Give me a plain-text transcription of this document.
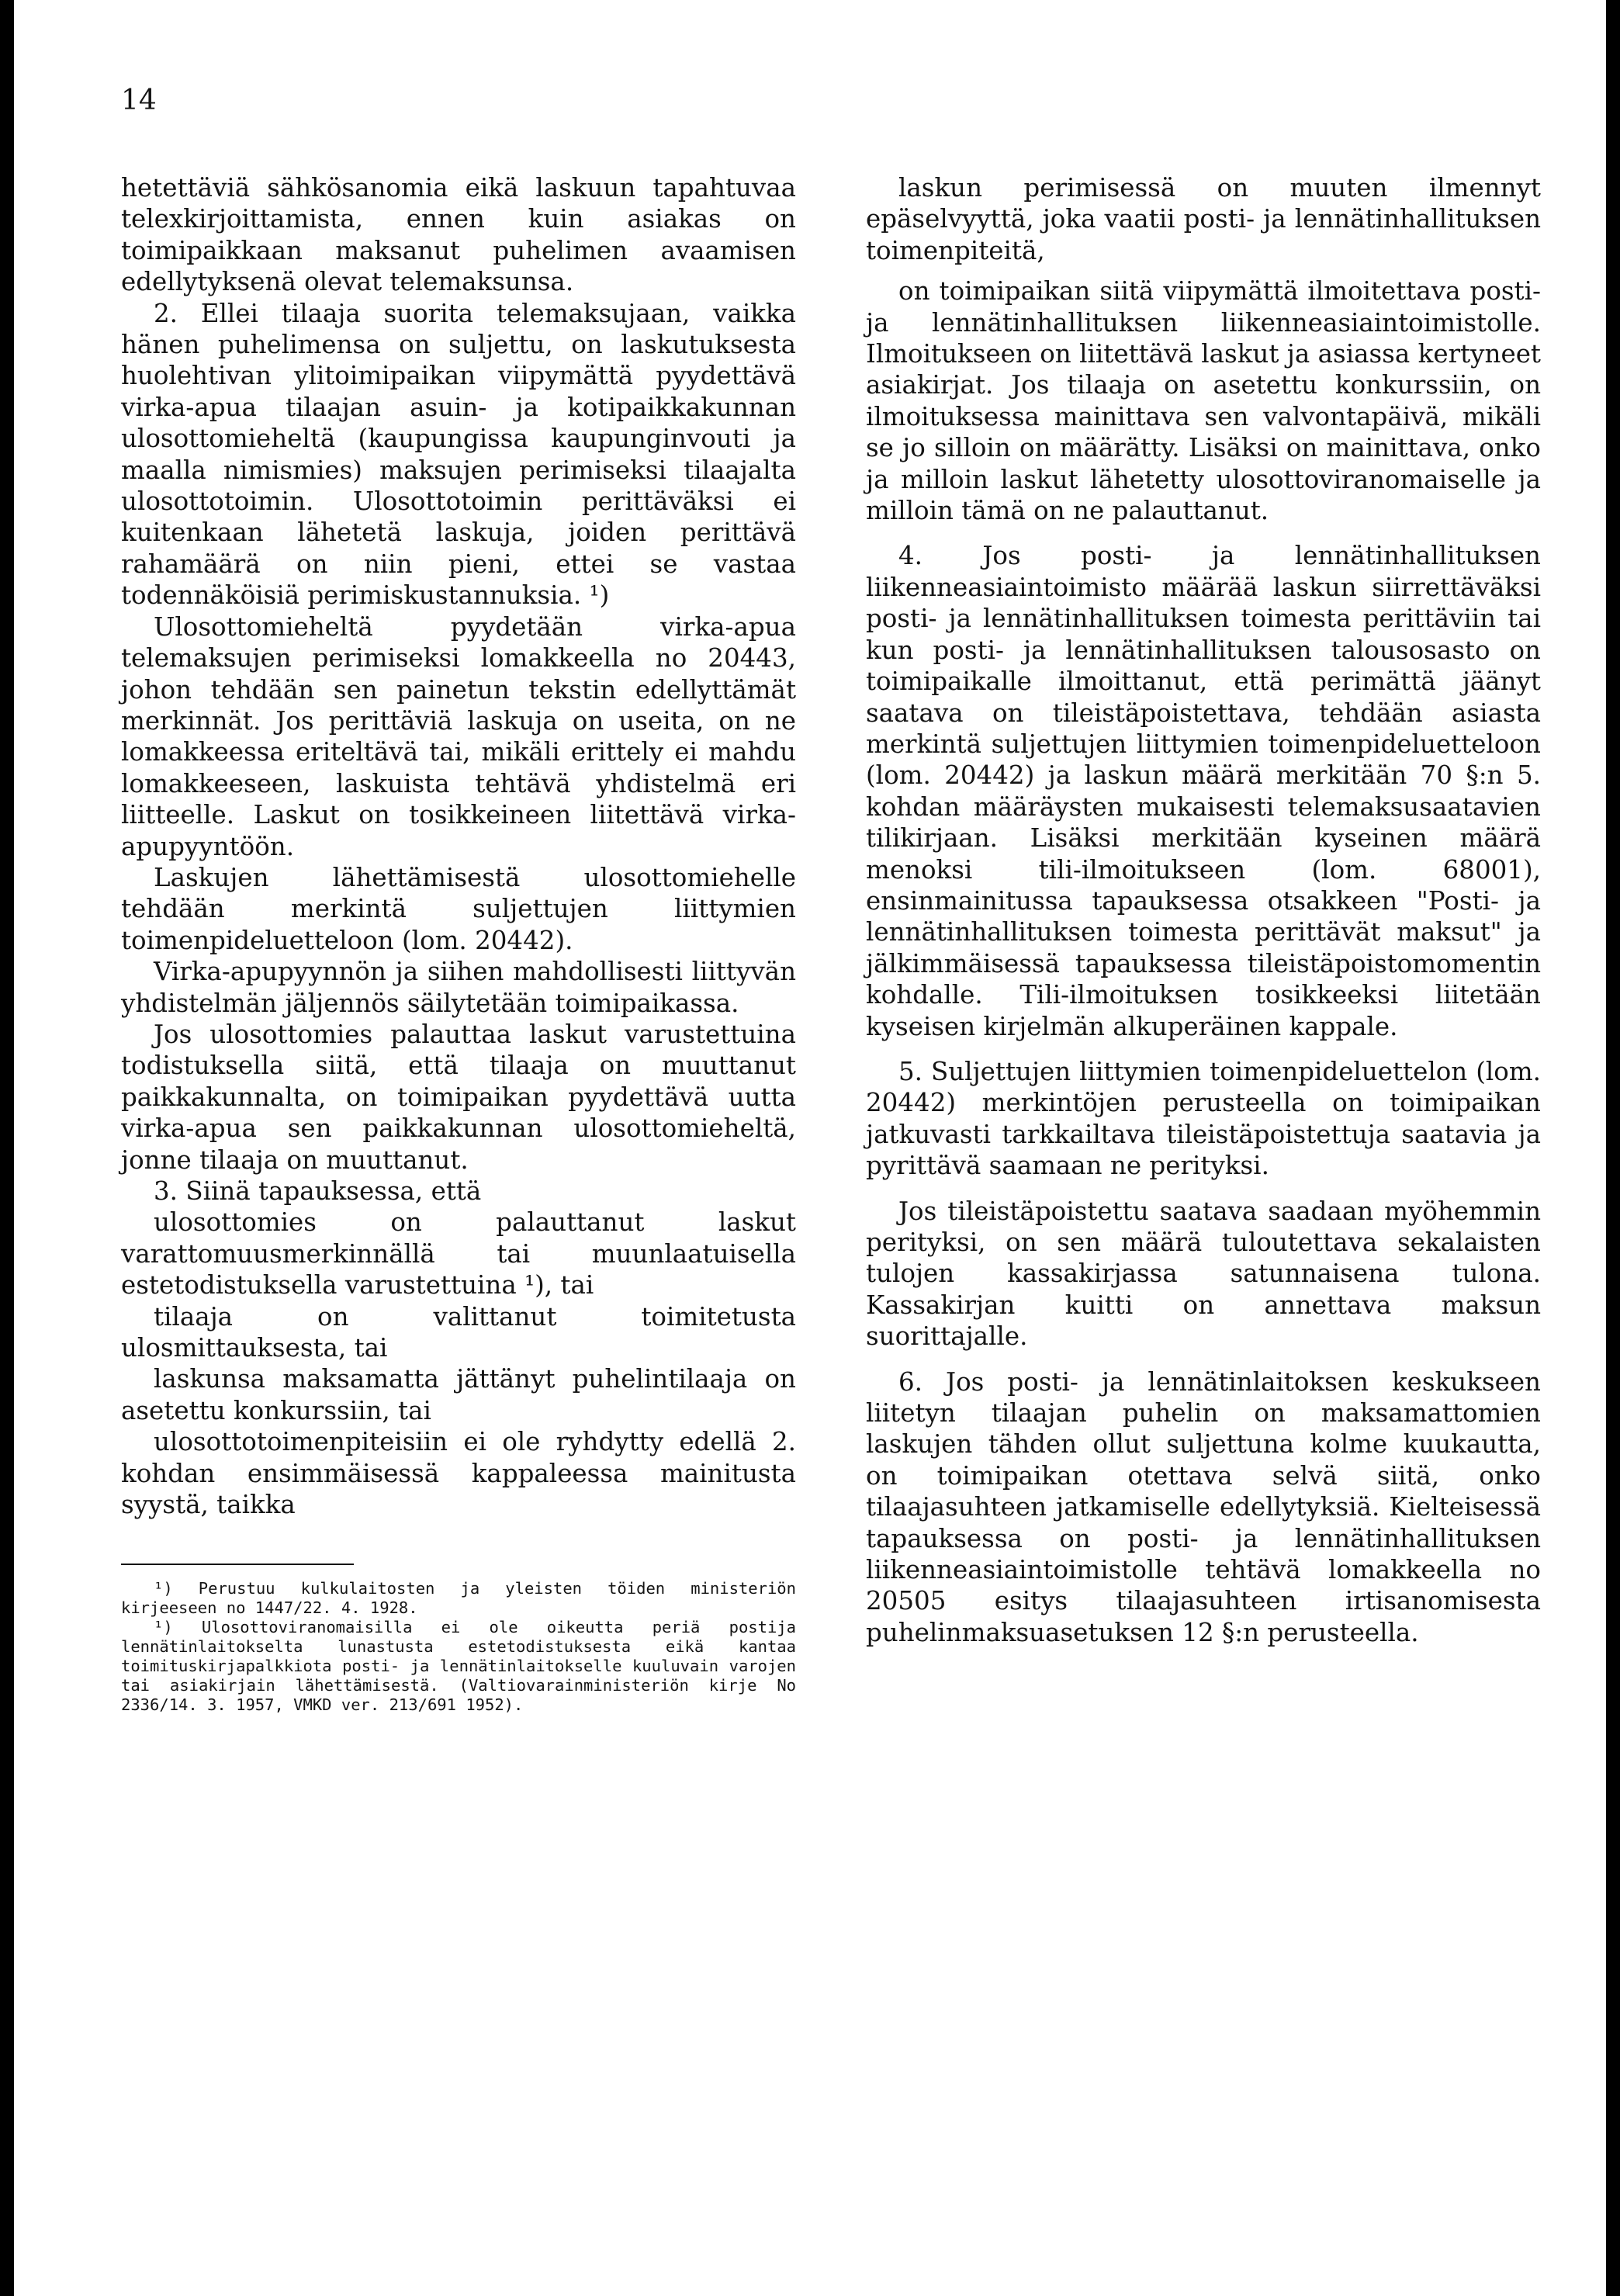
14

hetettäviä sähkösanomia eikä laskuun tapahtuvaa telexkirjoittamista, ennen kuin asiakas on toimipaikkaan maksanut puhelimen avaamisen edellytyksenä olevat telemaksunsa.

2. Ellei tilaaja suorita telemaksujaan, vaikka hänen puhelimensa on suljettu, on laskutuksesta huolehtivan ylitoimipaikan viipymättä pyydettävä virka-apua tilaajan asuin- ja kotipaikkakunnan ulosottomieheltä (kaupungissa kaupunginvouti ja maalla nimismies) maksujen perimiseksi tilaajalta ulosottotoimin. Ulosottotoimin perittäväksi ei kuitenkaan lähetetä laskuja, joiden perittävä rahamäärä on niin pieni, ettei se vastaa todennäköisiä perimiskustannuksia. ¹)

Ulosottomieheltä pyydetään virka-apua telemaksujen perimiseksi lomakkeella no 20443, johon tehdään sen painetun tekstin edellyttämät merkinnät. Jos perittäviä laskuja on useita, on ne lomakkeessa eriteltävä tai, mikäli erittely ei mahdu lomakkeeseen, laskuista tehtävä yhdistelmä eri liitteelle. Laskut on tosikkeineen liitettävä virka-apupyyntöön.

Laskujen lähettämisestä ulosottomiehelle tehdään merkintä suljettujen liittymien toimenpideluetteloon (lom. 20442).

Virka-apupyynnön ja siihen mahdollisesti liittyvän yhdistelmän jäljennös säilytetään toimipaikassa.

Jos ulosottomies palauttaa laskut varustettuina todistuksella siitä, että tilaaja on muuttanut paikkakunnalta, on toimipaikan pyydettävä uutta virka-apua sen paikkakunnan ulosottomieheltä, jonne tilaaja on muuttanut.

3. Siinä tapauksessa, että

ulosottomies on palauttanut laskut varattomuusmerkinnällä tai muunlaatuisella estetodistuksella varustettuina ¹), tai

tilaaja on valittanut toimitetusta ulosmittauksesta, tai

laskunsa maksamatta jättänyt puhelintilaaja on asetettu konkurssiin, tai

ulosottotoimenpiteisiin ei ole ryhdytty edellä 2. kohdan ensimmäisessä kappaleessa mainitusta syystä, taikka

¹) Perustuu kulkulaitosten ja yleisten töiden ministeriön kirjeeseen no 1447/22. 4. 1928.

¹) Ulosottoviranomaisilla ei ole oikeutta periä postija lennätinlaitokselta lunastusta estetodistuksesta eikä kantaa toimituskirjapalkkiota posti- ja lennätinlaitokselle kuuluvain varojen tai asiakirjain lähettämisestä. (Valtiovarainministeriön kirje No 2336/14. 3. 1957, VMKD ver. 213/691 1952).

laskun perimisessä on muuten ilmennyt epäselvyyttä, joka vaatii posti- ja lennätinhallituksen toimenpiteitä,

on toimipaikan siitä viipymättä ilmoitettava posti- ja lennätinhallituksen liikenneasiaintoimistolle. Ilmoitukseen on liitettävä laskut ja asiassa kertyneet asiakirjat. Jos tilaaja on asetettu konkurssiin, on ilmoituksessa mainittava sen valvontapäivä, mikäli se jo silloin on määrätty. Lisäksi on mainittava, onko ja milloin laskut lähetetty ulosottoviranomaiselle ja milloin tämä on ne palauttanut.

4. Jos posti- ja lennätinhallituksen liikenneasiaintoimisto määrää laskun siirrettäväksi posti- ja lennätinhallituksen toimesta perittäviin tai kun posti- ja lennätinhallituksen talousosasto on toimipaikalle ilmoittanut, että perimättä jäänyt saatava on tileistäpoistettava, tehdään asiasta merkintä suljettujen liittymien toimenpideluetteloon (lom. 20442) ja laskun määrä merkitään 70 §:n 5. kohdan määräysten mukaisesti telemaksusaatavien tilikirjaan. Lisäksi merkitään kyseinen määrä menoksi tili-ilmoitukseen (lom. 68001), ensinmainitussa tapauksessa otsakkeen "Posti- ja lennätinhallituksen toimesta perittävät maksut" ja jälkimmäisessä tapauksessa tileistäpoistomomentin kohdalle. Tili-ilmoituksen tosikkeeksi liitetään kyseisen kirjelmän alkuperäinen kappale.

5. Suljettujen liittymien toimenpideluettelon (lom. 20442) merkintöjen perusteella on toimipaikan jatkuvasti tarkkailtava tileistäpoistettuja saatavia ja pyrittävä saamaan ne perityksi.

Jos tileistäpoistettu saatava saadaan myöhemmin perityksi, on sen määrä tuloutettava sekalaisten tulojen kassakirjassa satunnaisena tulona. Kassakirjan kuitti on annettava maksun suorittajalle.

6. Jos posti- ja lennätinlaitoksen keskukseen liitetyn tilaajan puhelin on maksamattomien laskujen tähden ollut suljettuna kolme kuukautta, on toimipaikan otettava selvä siitä, onko tilaajasuhteen jatkamiselle edellytyksiä. Kielteisessä tapauksessa on posti- ja lennätinhallituksen liikenneasiaintoimistolle tehtävä lomakkeella no 20505 esitys tilaajasuhteen irtisanomisesta puhelinmaksuasetuksen 12 §:n perusteella.
